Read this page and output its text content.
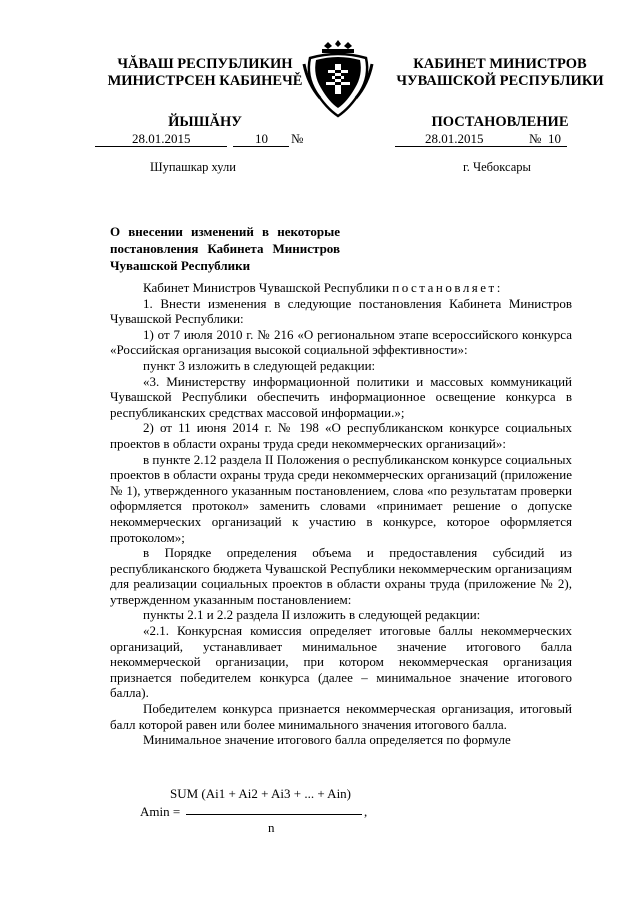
ЧĂВАШ РЕСПУБЛИКИН
МИНИСТРСЕН КАБИНЕЧĚ
ЙЫШĂНУ
КАБИНЕТ МИНИСТРОВ
ЧУВАШСКОЙ РЕСПУБЛИКИ
ПОСТАНОВЛЕНИЕ
28.01.2015	10 №	28.01.2015	№ 10
Шупашкар хули	г. Чебоксары
О внесении изменений в некоторые постановления Кабинета Министров Чувашской Республики

Кабинет Министров Чувашской Республики постановляет:

1. Внести изменения в следующие постановления Кабинета Министров Чувашской Республики:

1) от 7 июля 2010 г. № 216 «О региональном этапе всероссийского конкурса «Российская организация высокой социальной эффективности»:

пункт 3 изложить в следующей редакции:

«3. Министерству информационной политики и массовых коммуникаций Чувашской Республики обеспечить информационное освещение конкурса в республиканских средствах массовой информации.»;

2) от 11 июня 2014 г. № 198 «О республиканском конкурсе социальных проектов в области охраны труда среди некоммерческих организаций»:

в пункте 2.12 раздела II Положения о республиканском конкурсе социальных проектов в области охраны труда среди некоммерческих организаций (приложение № 1), утвержденного указанным постановлением, слова «по результатам проверки оформляется протокол» заменить словами «принимает решение о допуске некоммерческих организаций к участию в конкурсе, которое оформляется протоколом»;

в Порядке определения объема и предоставления субсидий из республиканского бюджета Чувашской Республики некоммерческим организациям для реализации социальных проектов в области охраны труда (приложение № 2), утвержденном указанным постановлением:

пункты 2.1 и 2.2 раздела II изложить в следующей редакции:

«2.1. Конкурсная комиссия определяет итоговые баллы некоммерческих организаций, устанавливает минимальное значение итогового балла некоммерческой организации, при котором некоммерческая организация признается победителем конкурса (далее – минимальное значение итогового балла).

Победителем конкурса признается некоммерческая организация, итоговый балл которой равен или более минимального значения итогового балла.

Минимальное значение итогового балла определяется по формуле

SUM (Ai1 + Ai2 + Ai3 + ... + Ain)
Amin =	,
n
